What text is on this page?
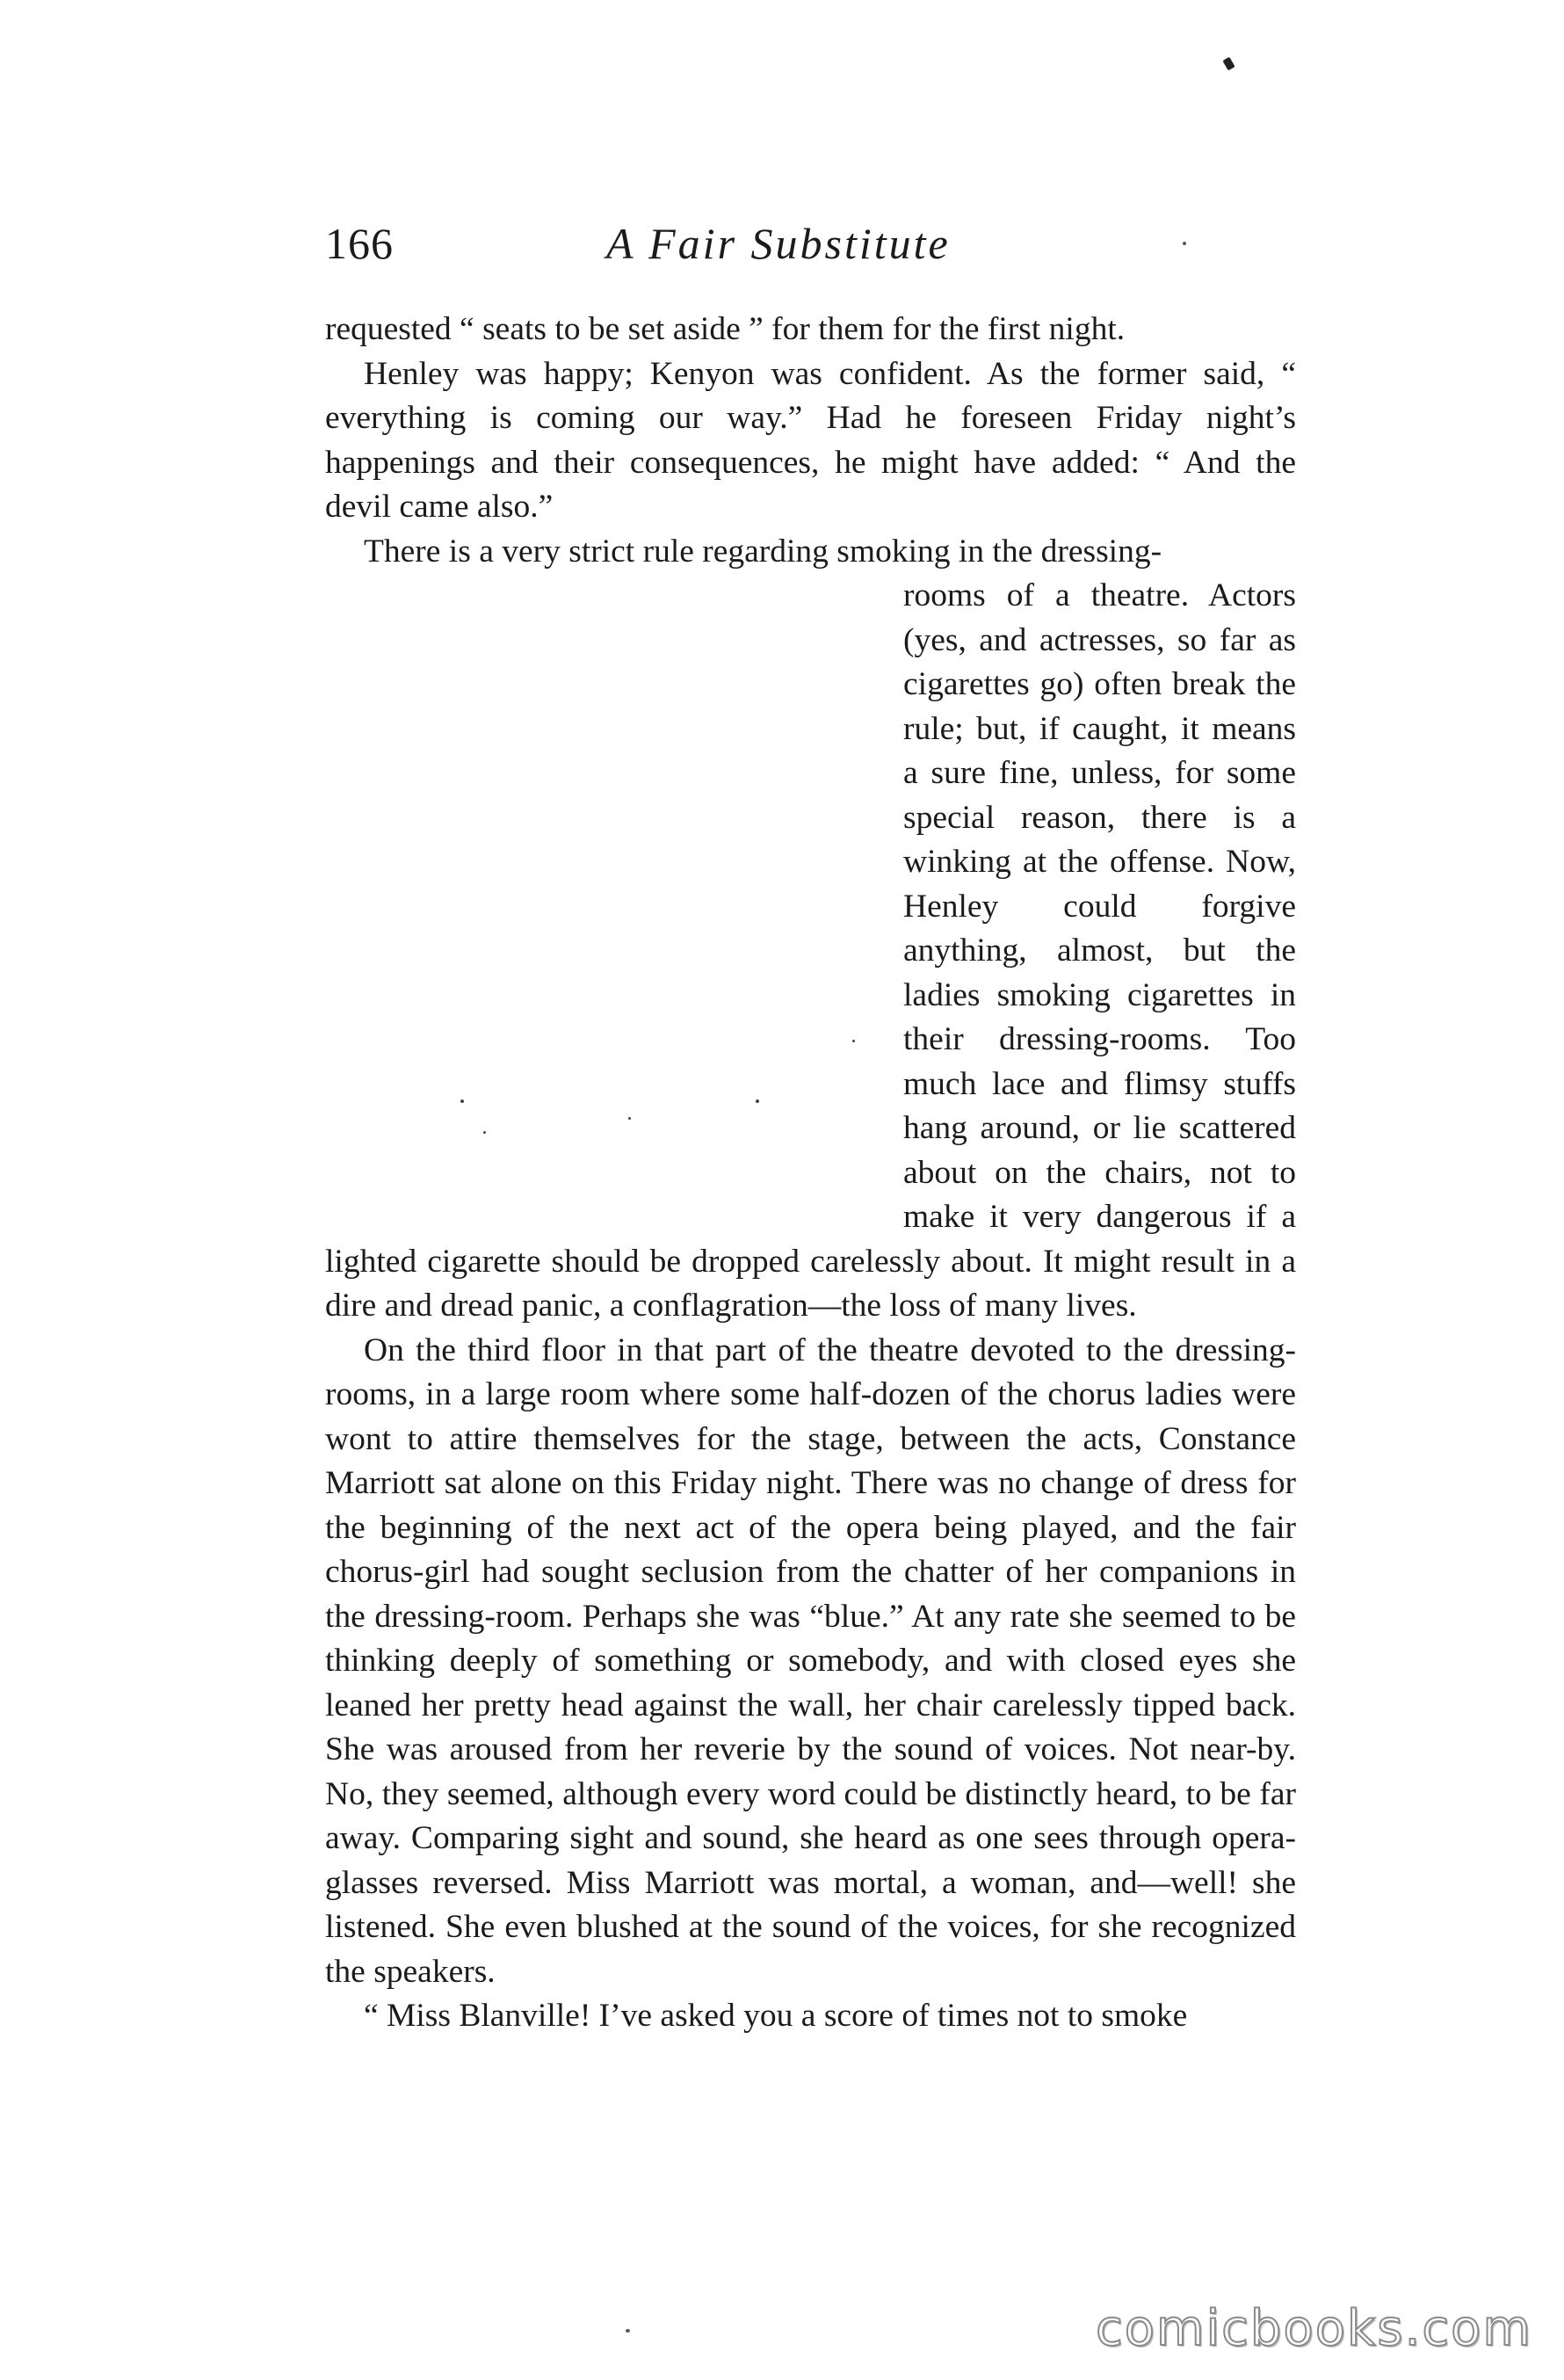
166	A Fair Substitute

requested “ seats to be set aside ” for them for the first night.

Henley was happy; Kenyon was confident. As the former said, “ everything is coming our way.” Had he foreseen Friday night’s happenings and their consequences, he might have added: “ And the devil came also.”

There is a very strict rule regarding smoking in the dressing-

rooms of a theatre. Actors (yes, and actresses, so far as cigarettes go) often break the rule; but, if caught, it means a sure fine, unless, for some special reason, there is a winking at the offense. Now, Henley could forgive anything, almost, but the ladies smoking cigarettes in their dressing-rooms. Too much lace and flimsy stuffs hang around, or lie scattered about on the chairs, not to make it very dangerous if a lighted cigarette should be dropped carelessly about. It might result in a dire and dread panic, a conflagration—the loss of many lives.

On the third floor in that part of the theatre devoted to the dressing-rooms, in a large room where some half-dozen of the chorus ladies were wont to attire themselves for the stage, between the acts, Constance Marriott sat alone on this Friday night. There was no change of dress for the beginning of the next act of the opera being played, and the fair chorus-girl had sought seclusion from the chatter of her companions in the dressing-room. Perhaps she was “blue.” At any rate she seemed to be thinking deeply of something or somebody, and with closed eyes she leaned her pretty head against the wall, her chair carelessly tipped back. She was aroused from her reverie by the sound of voices. Not near-by. No, they seemed, although every word could be distinctly heard, to be far away. Comparing sight and sound, she heard as one sees through opera-glasses reversed. Miss Marriott was mortal, a woman, and—well! she listened. She even blushed at the sound of the voices, for she recognized the speakers.

“ Miss Blanville! I’ve asked you a score of times not to smoke

comicbooks.com
